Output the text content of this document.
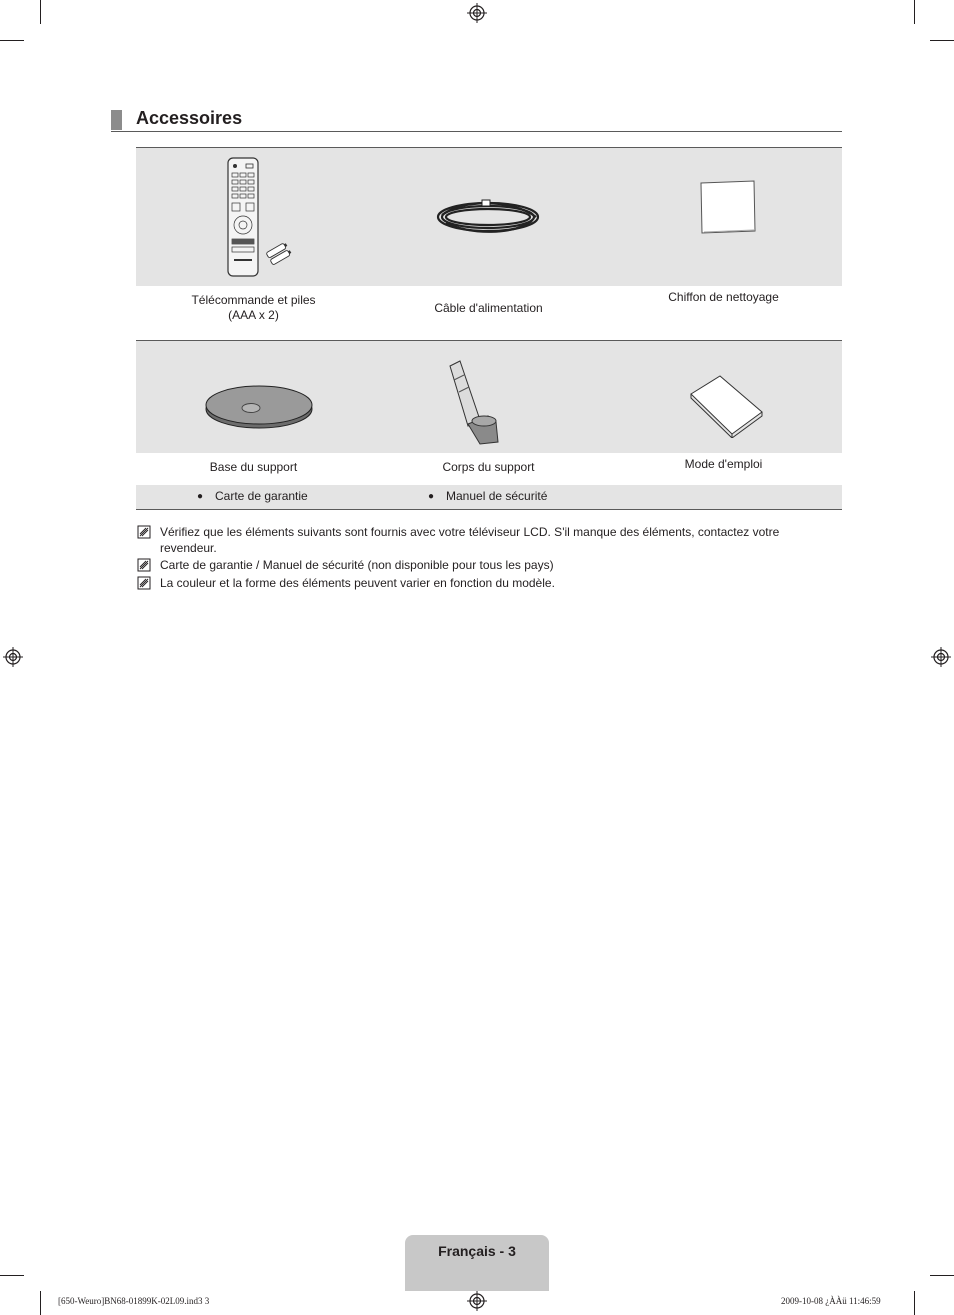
Accessoires
Télécommande et piles
(AAA x 2)	Câble d'alimentation
Chiffon de nettoyage
Base du support	Corps du support	Mode d'emploi
● Carte de garantie	● Manuel de sécurité
Vérifiez que les éléments suivants sont fournis avec votre téléviseur LCD. S'il manque des éléments, contactez votre
revendeur.
Carte de garantie / Manuel de sécurité (non disponible pour tous les pays)
La couleur et la forme des éléments peuvent varier en fonction du modèle.
Français - 3
[650-Weuro]BN68-01899K-02L09.ind3 3	2009-10-08 ¿ÀÀü 11:46:59
